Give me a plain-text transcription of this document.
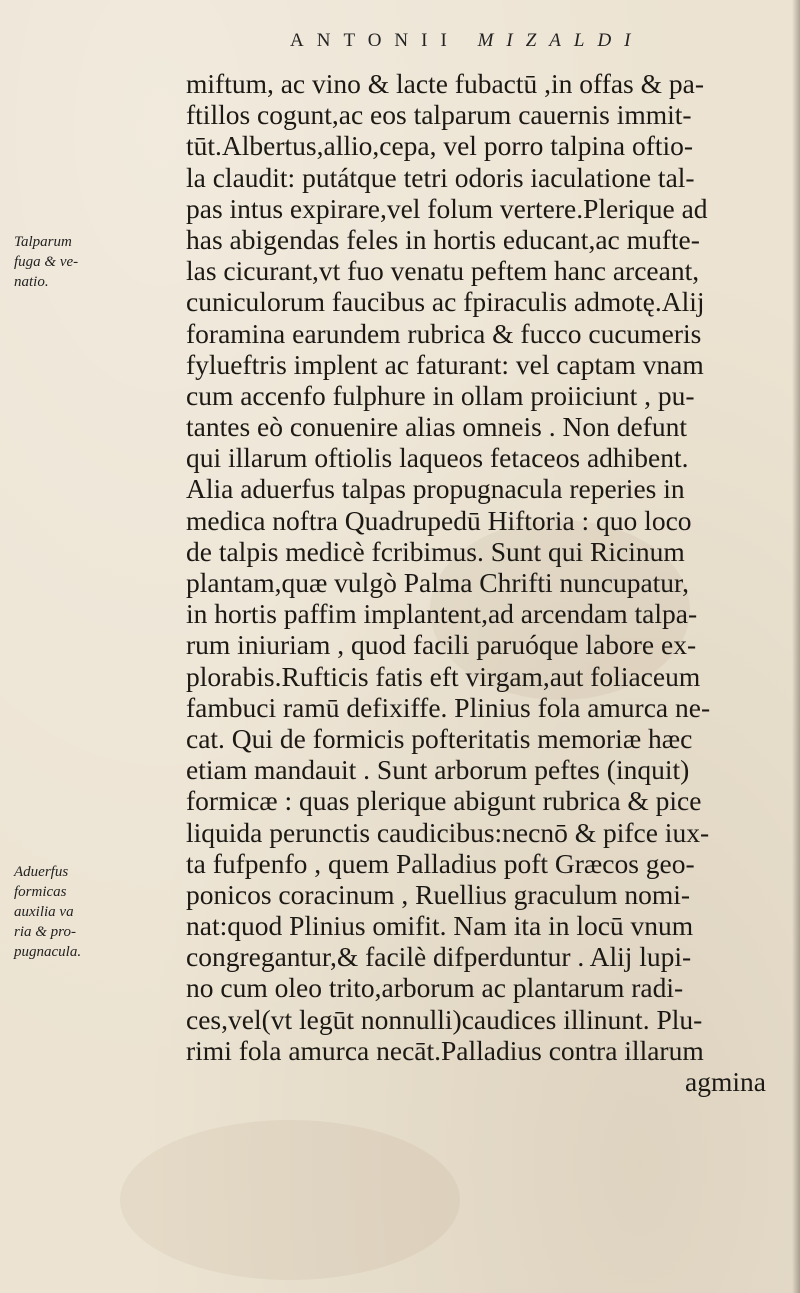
ANTONII MIZALDI
Talparum
fuga & ve-
natio.
Aduerfus
formicas
auxilia va
ria & pro-
pugnacula.
miftum, ac vino & lacte fubactū ,in offas & pa-
ftillos cogunt,ac eos talparum cauernis immit-
tūt.Albertus,allio,cepa, vel porro talpina oftio-
la claudit: putátque tetri odoris iaculatione tal-
pas intus expirare,vel folum vertere.Plerique ad
has abigendas feles in hortis educant,ac mufte-
las cicurant,vt fuo venatu peftem hanc arceant,
cuniculorum faucibus ac fpiraculis admotę.Alij
foramina earundem rubrica & fucco cucumeris
fylueftris implent ac faturant: vel captam vnam
cum accenfo fulphure in ollam proiiciunt , pu-
tantes eò conuenire alias omneis . Non defunt
qui illarum oftiolis laqueos fetaceos adhibent.
Alia aduerfus talpas propugnacula reperies in
medica noftra Quadrupedū Hiftoria : quo loco
de talpis medicè fcribimus. Sunt qui Ricinum
plantam,quæ vulgò Palma Chrifti nuncupatur,
in hortis paffim implantent,ad arcendam talpa-
rum iniuriam , quod facili paruóque labore ex-
plorabis.Rufticis fatis eft virgam,aut foliaceum
fambuci ramū defixiffe. Plinius fola amurca ne-
cat. Qui de formicis pofteritatis memoriæ hæc
etiam mandauit . Sunt arborum peftes (inquit)
formicæ : quas plerique abigunt rubrica & pice
liquida perunctis caudicibus:necnō & pifce iux-
ta fufpenfo , quem Palladius poft Græcos geo-
ponicos coracinum , Ruellius graculum nomi-
nat:quod Plinius omifit. Nam ita in locū vnum
congregantur,& facilè difperduntur . Alij lupi-
no cum oleo trito,arborum ac plantarum radi-
ces,vel(vt legūt nonnulli)caudices illinunt. Plu-
rimi fola amurca necāt.Palladius contra illarum
agmina
